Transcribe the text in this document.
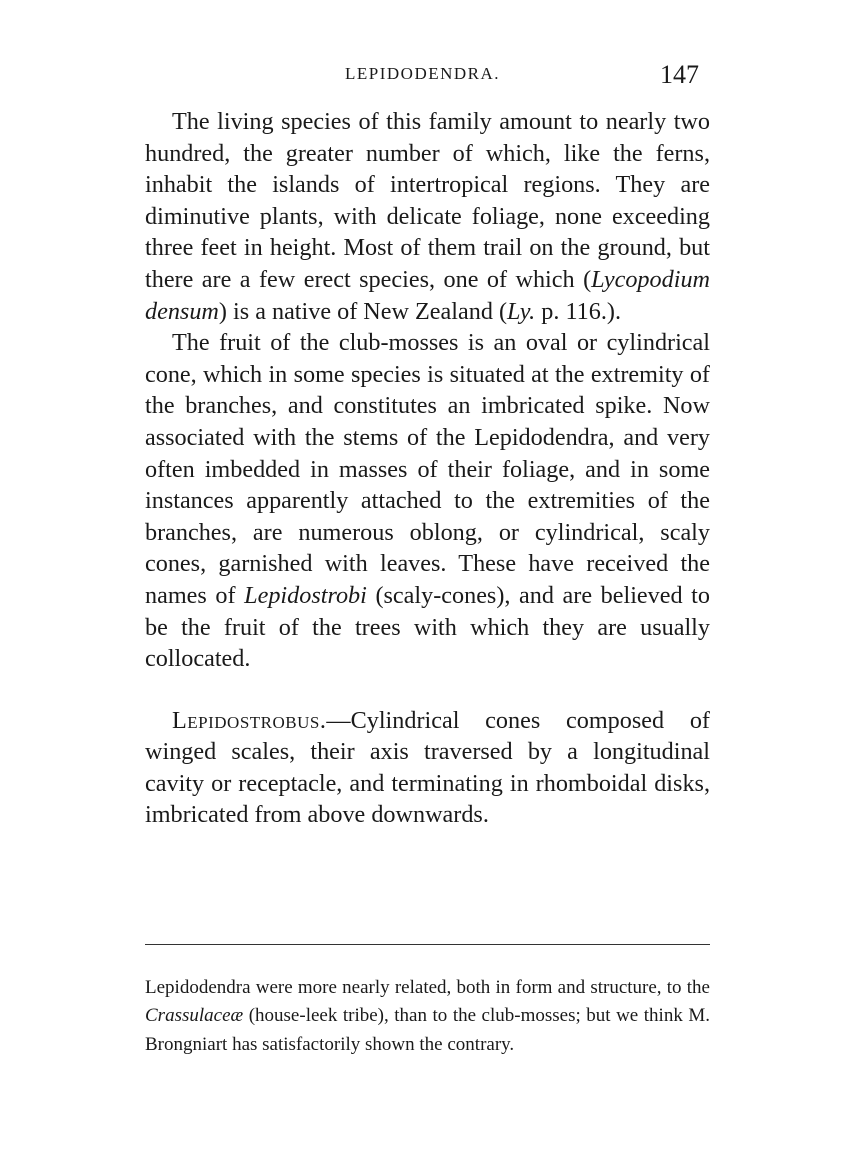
LEPIDODENDRA.	147

The living species of this family amount to nearly two hundred, the greater number of which, like the ferns, inhabit the islands of intertropical regions. They are diminutive plants, with delicate foliage, none exceeding three feet in height. Most of them trail on the ground, but there are a few erect species, one of which (Lycopodium densum) is a native of New Zealand (Ly. p. 116.).

The fruit of the club-mosses is an oval or cylindrical cone, which in some species is situated at the extremity of the branches, and constitutes an imbricated spike. Now associated with the stems of the Lepidodendra, and very often imbedded in masses of their foliage, and in some instances apparently attached to the extremities of the branches, are numerous oblong, or cylindrical, scaly cones, garnished with leaves. These have received the names of Lepidostrobi (scaly-cones), and are believed to be the fruit of the trees with which they are usually collocated.

Lepidostrobus.—Cylindrical cones composed of winged scales, their axis traversed by a longitudinal cavity or receptacle, and terminating in rhomboidal disks, imbricated from above downwards.

Lepidodendra were more nearly related, both in form and structure, to the Crassulaceæ (house-leek tribe), than to the club-mosses; but we think M. Brongniart has satisfactorily shown the contrary.
